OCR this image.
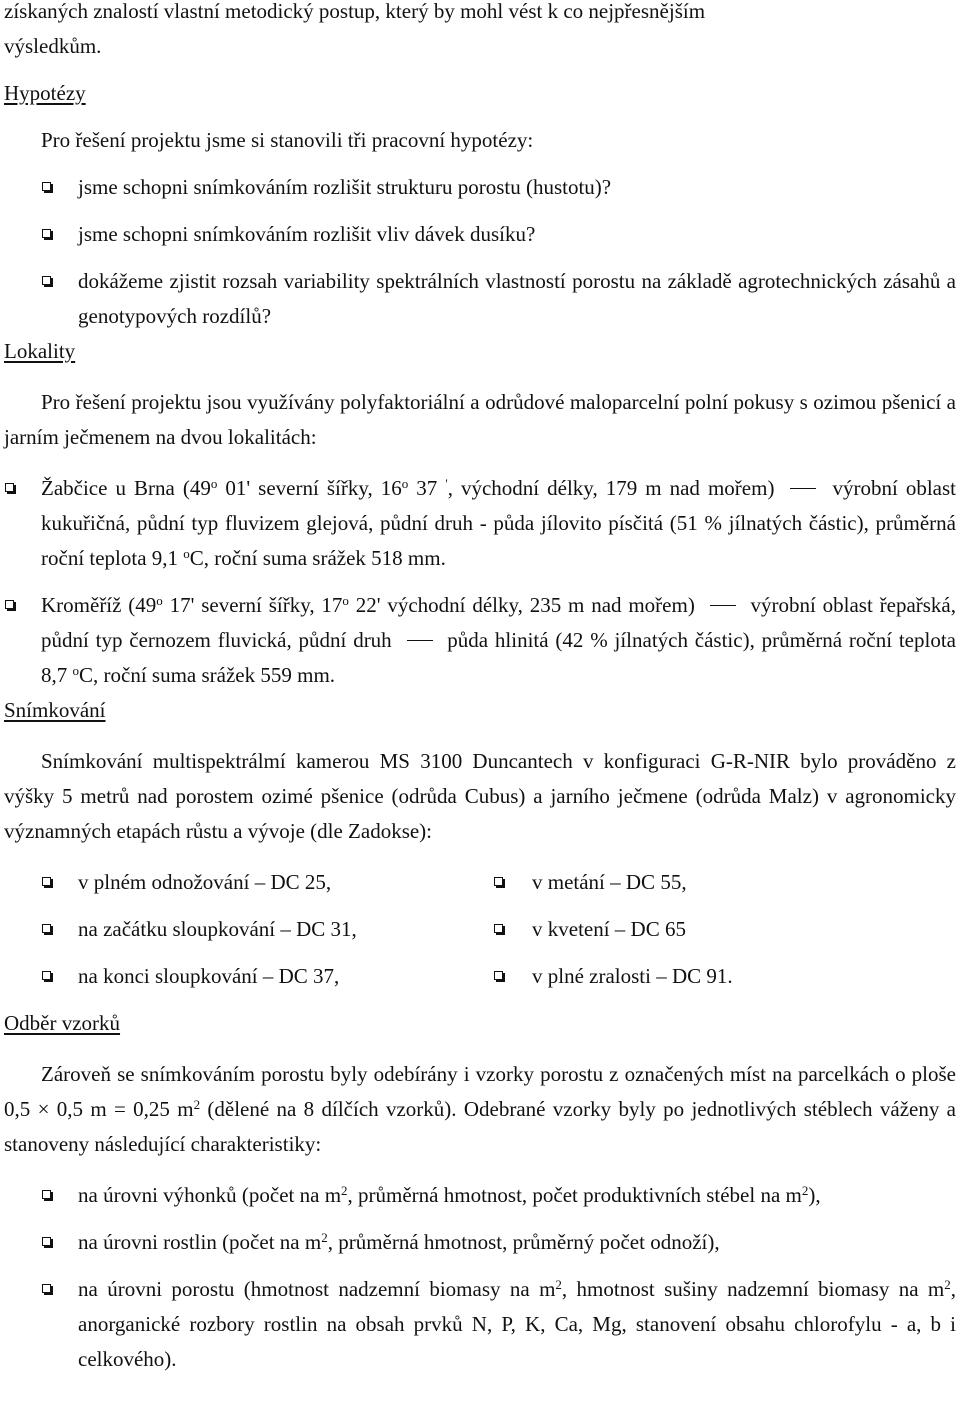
získaných znalostí vlastní metodický postup, který by mohl vést k co nejpřesnějším

výsledkům.

Hypotézy

Pro řešení projektu jsme si stanovili tři pracovní hypotézy:

jsme schopni snímkováním rozlišit strukturu porostu (hustotu)?
jsme schopni snímkováním rozlišit vliv dávek dusíku?
dokážeme zjistit rozsah variability spektrálních vlastností porostu na základě agrotechnických zásahů a genotypových rozdílů?

Lokality

Pro řešení projektu jsou využívány polyfaktoriální a odrůdové maloparcelní polní pokusy s ozimou pšenicí a jarním ječmenem na dvou lokalitách:

Žabčice u Brna (49$^o$ 01' severní šířky, 16$^o$ 37 ', východní délky, 179 m nad mořem)  výrobní oblast kukuřičná, půdní typ fluvizem glejová, půdní druh - půda jílovito písčitá (51 % jílnatých částic), průměrná roční teplota 9,1 $^o$C, roční suma srážek 518 mm.
Kroměříž (49$^o$ 17' severní šířky, 17$^o$ 22' východní délky, 235 m nad mořem)  výrobní oblast řepařská, půdní typ černozem fluvická, půdní druh  půda hlinitá (42 % jílnatých částic), průměrná roční teplota 8,7 $^o$C, roční suma srážek 559 mm.

Snímkování

Snímkování multispektrálmí kamerou MS 3100 Duncantech v konfiguraci G-R-NIR bylo prováděno z výšky 5 metrů nad porostem ozimé pšenice (odrůda Cubus) a jarního ječmene (odrůda Malz) v agronomicky významných etapách růstu a vývoje (dle Zadokse):

v plném odnožování – DC 25,	v metání – DC 55,
na začátku sloupkování – DC 31,	v kvetení – DC 65
na konci sloupkování – DC 37,	v plné zralosti – DC 91.

Odběr vzorků

Zároveň se snímkováním porostu byly odebírány i vzorky porostu z označených míst na parcelkách o ploše 0,5 × 0,5 m = 0,25 $m^2$ (dělené na 8 dílčích vzorků). Odebrané vzorky byly po jednotlivých stéblech váženy a stanoveny následující charakteristiky:

na úrovni výhonků (počet na $m^2$, průměrná hmotnost, počet produktivních stébel na $m^2$),
na úrovni rostlin (počet na $m^2$, průměrná hmotnost, průměrný počet odnoží),
na úrovni porostu (hmotnost nadzemní biomasy na $m^2$, hmotnost sušiny nadzemní biomasy na $m^2$, anorganické rozbory rostlin na obsah prvků N, P, K, Ca, Mg, stanovení obsahu chlorofylu - a, b i celkového).
